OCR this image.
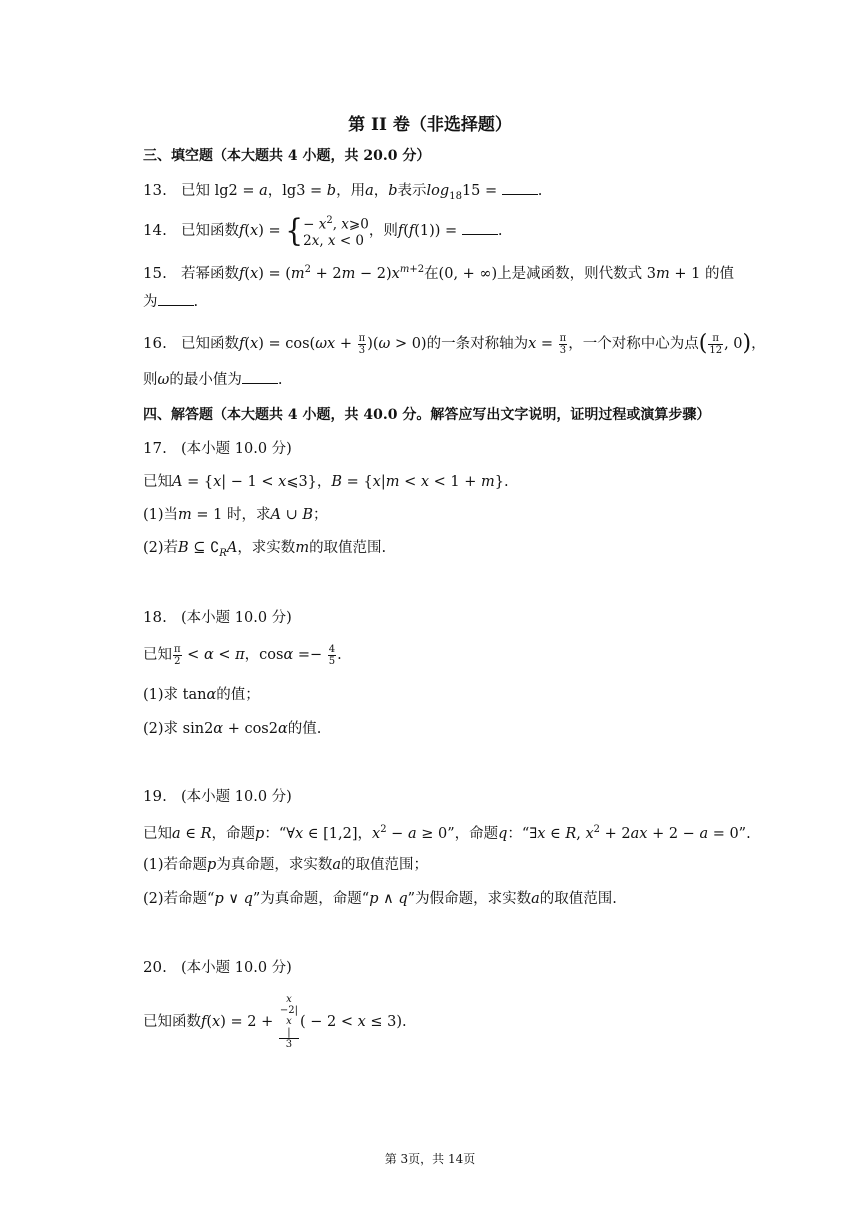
第 II 卷（非选择题）
三、填空题（本大题共 4 小题，共 20.0 分）
13. 已知 lg2 = a，lg3 = b，用a，b表示$\log_{18}15$ = .
14. 已知函数f(x) = { − $x^2$, x⩾0
2x, x < 0
，则f(f(1)) = .
15. 若幂函数$f(x) = (m^2 + 2m - 2)x^{m+2}$在(0, + ∞)上是减函数，则代数式 3m + 1 的值
为 .
16. 已知函数$f(x) = \cos(\omega x + \frac{\pi}{3} )(\omega > 0)$的一条对称轴为$x = \frac{\pi}{3}$ ，一个对称中心为点( $\frac{\pi}{12}$ , 0)，
则ω的最小值为 .
四、解答题（本大题共 4 小题，共 40.0 分。解答应写出文字说明，证明过程或演算步骤）
17. (本小题 10.0 分)
已知A = {x| − 1 < x⩽3}，B = {x|m < x < 1 + m}.
(1)当m = 1 时，求A ∪ B；
(2)若B ⊆ $∁_RA$，求实数m的取值范围.
18. (本小题 10.0 分)
已知 $\frac{\pi}{2} < \alpha < \pi$，$\cos\alpha =- \frac{4}{5}$ .
(1)求 tanα的值；
(2)求 sin2α + cos2α的值.
19. (本小题 10.0 分)
已知a ∈ R，命题p：“∀x ∈ [1,2]，$x^2 - a \ge 0$”，命题q：“∃x ∈ R, $x^2 + 2ax + 2 - a = 0$”.
(1)若命题p为真命题，求实数a的取值范围；
(2)若命题“p ∨ q”为真命题，命题“p ∧ q”为假命题，求实数a的取值范围.
20. (本小题 10.0 分)
已知函数f(x) = 2 + x
−2|
x
|
3 ( − 2 < x ≤ 3).
第 3页，共 14页
